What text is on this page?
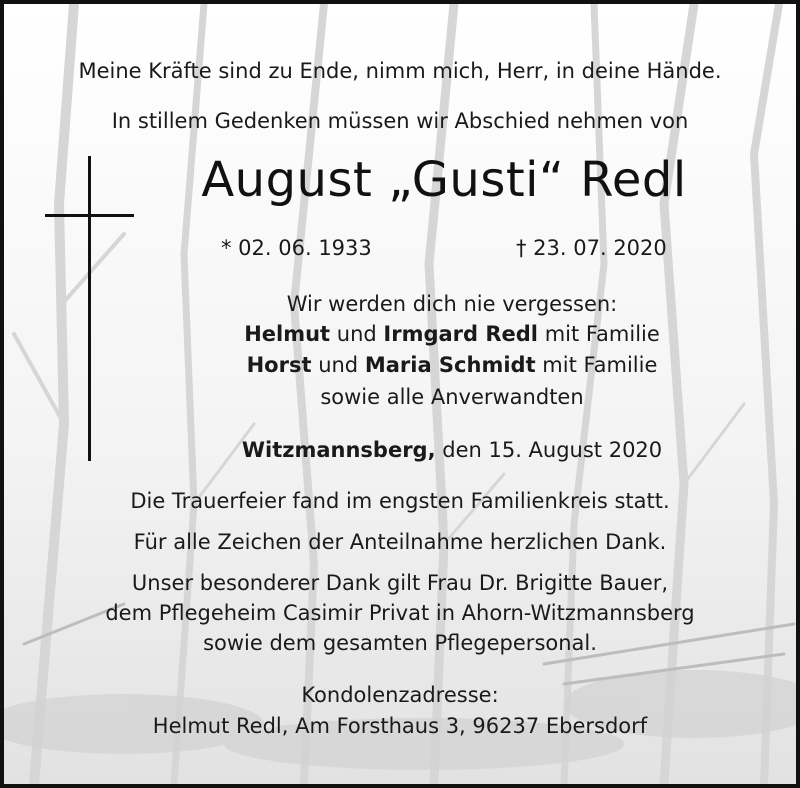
Meine Kräfte sind zu Ende, nimm mich, Herr, in deine Hände.
In stillem Gedenken müssen wir Abschied nehmen von
August „Gusti“ Redl
* 02. 06. 1933	† 23. 07. 2020
Wir werden dich nie vergessen:
Helmut und Irmgard Redl mit Familie
Horst und Maria Schmidt mit Familie
sowie alle Anverwandten
Witzmannsberg, den 15. August 2020
Die Trauerfeier fand im engsten Familienkreis statt.
Für alle Zeichen der Anteilnahme herzlichen Dank.
Unser besonderer Dank gilt Frau Dr. Brigitte Bauer,
dem Pflegeheim Casimir Privat in Ahorn-Witzmannsberg
sowie dem gesamten Pflegepersonal.
Kondolenzadresse:
Helmut Redl, Am Forsthaus 3, 96237 Ebersdorf
